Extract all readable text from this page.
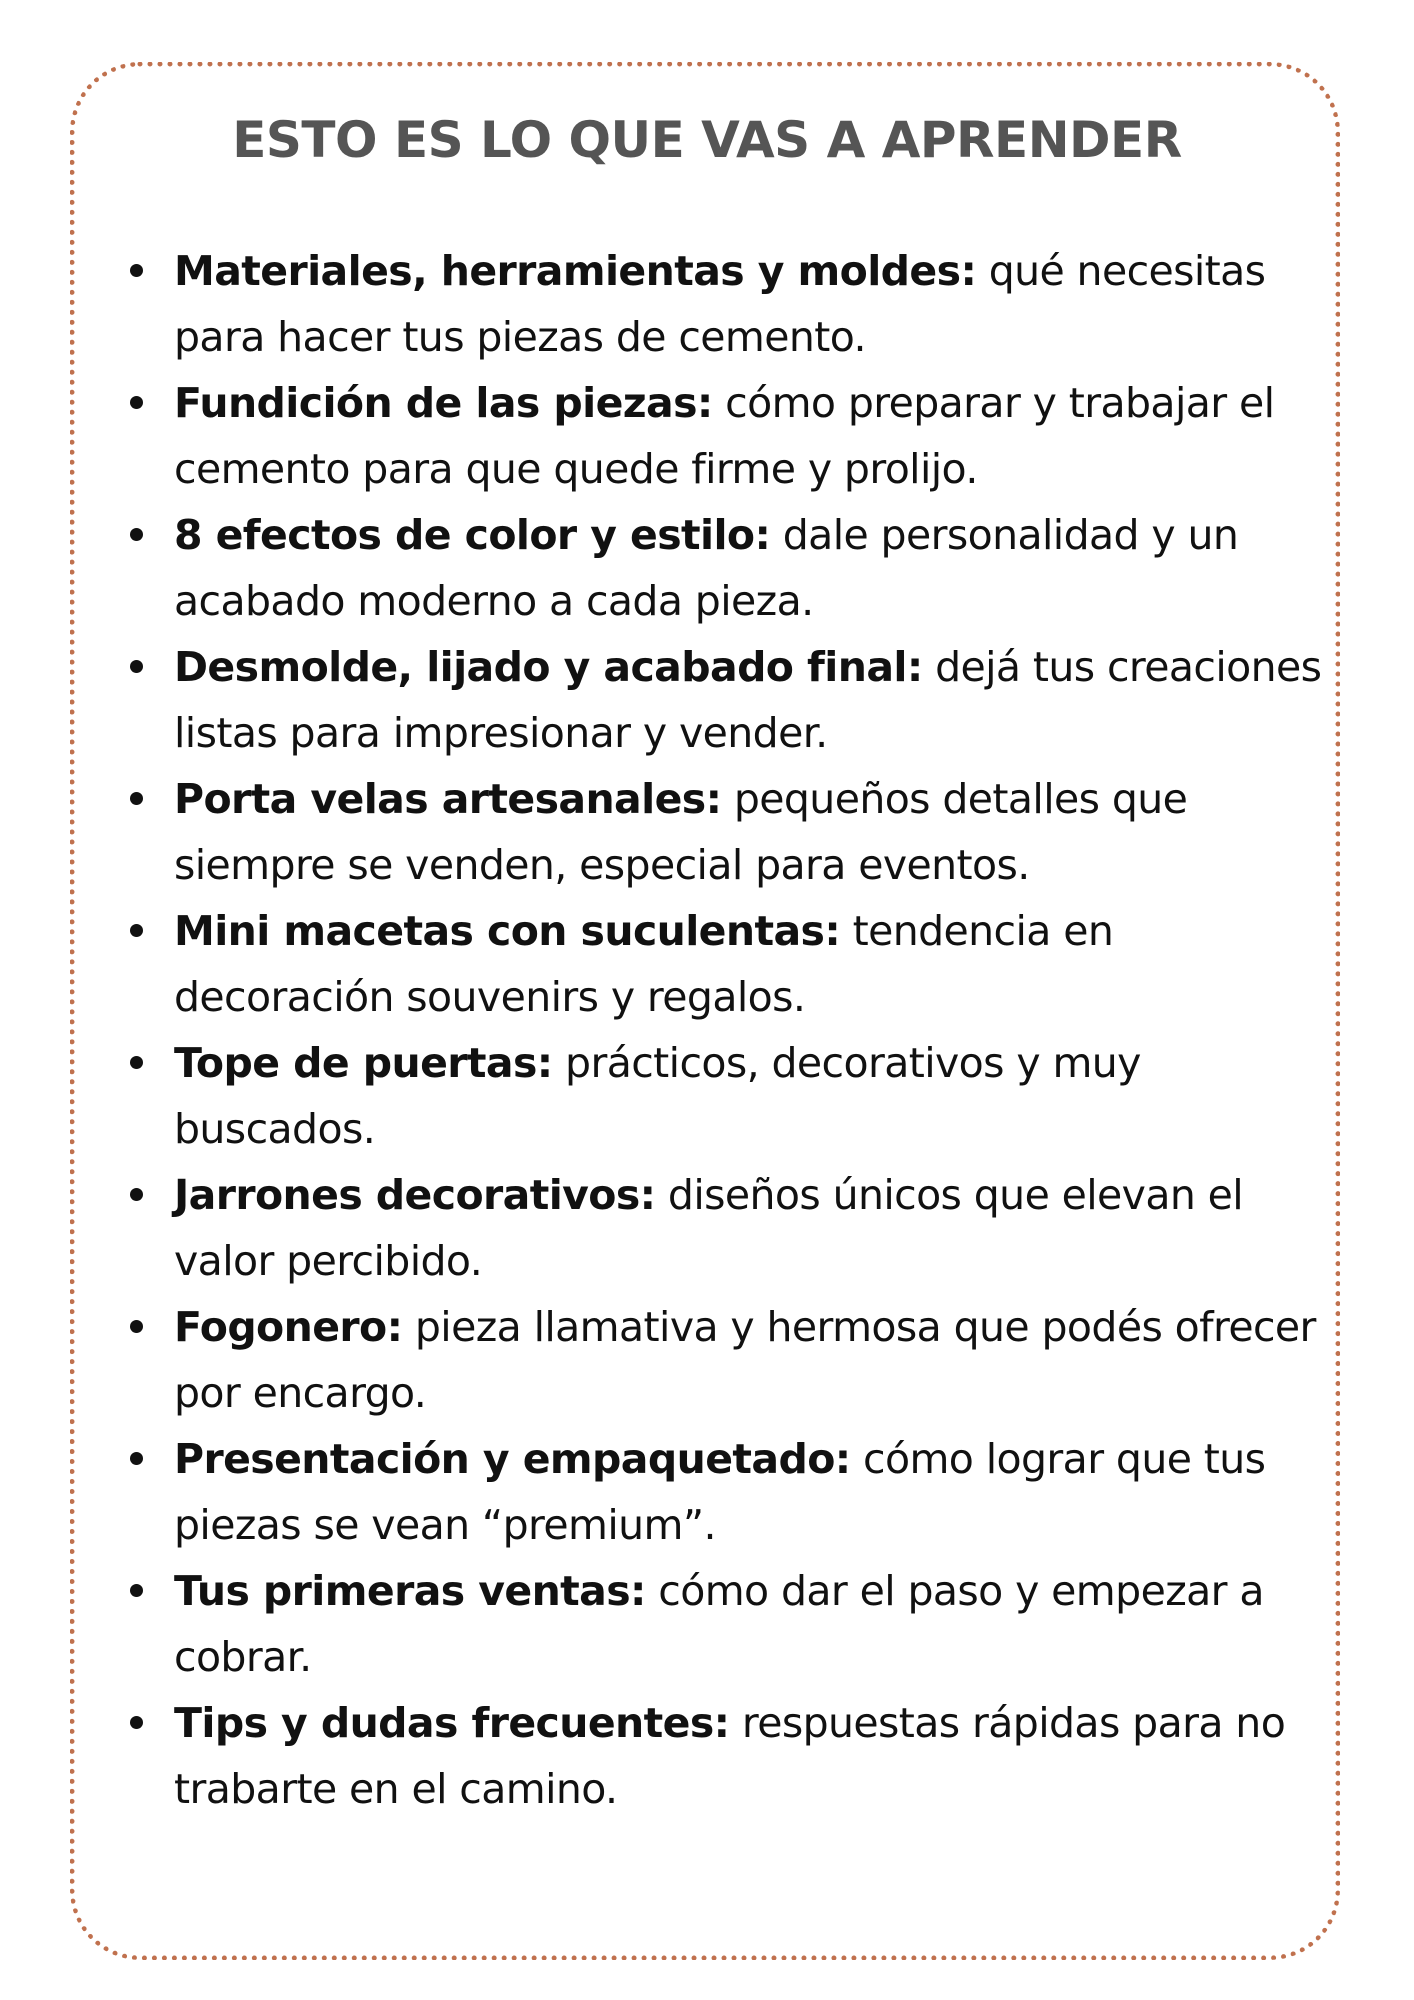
ESTO ES LO QUE VAS A APRENDER
Materiales, herramientas y moldes: qué necesitas para hacer tus piezas de cemento.
Fundición de las piezas: cómo preparar y trabajar el cemento para que quede firme y prolijo.
8 efectos de color y estilo: dale personalidad y un acabado moderno a cada pieza.
Desmolde, lijado y acabado final: dejá tus creaciones listas para impresionar y vender.
Porta velas artesanales: pequeños detalles que siempre se venden, especial para eventos.
Mini macetas con suculentas: tendencia en decoración souvenirs y regalos.
Tope de puertas: prácticos, decorativos y muy buscados.
Jarrones decorativos: diseños únicos que elevan el valor percibido.
Fogonero: pieza llamativa y hermosa que podés ofrecer por encargo.
Presentación y empaquetado: cómo lograr que tus piezas se vean “premium”.
Tus primeras ventas: cómo dar el paso y empezar a cobrar.
Tips y dudas frecuentes: respuestas rápidas para no trabarte en el camino.
